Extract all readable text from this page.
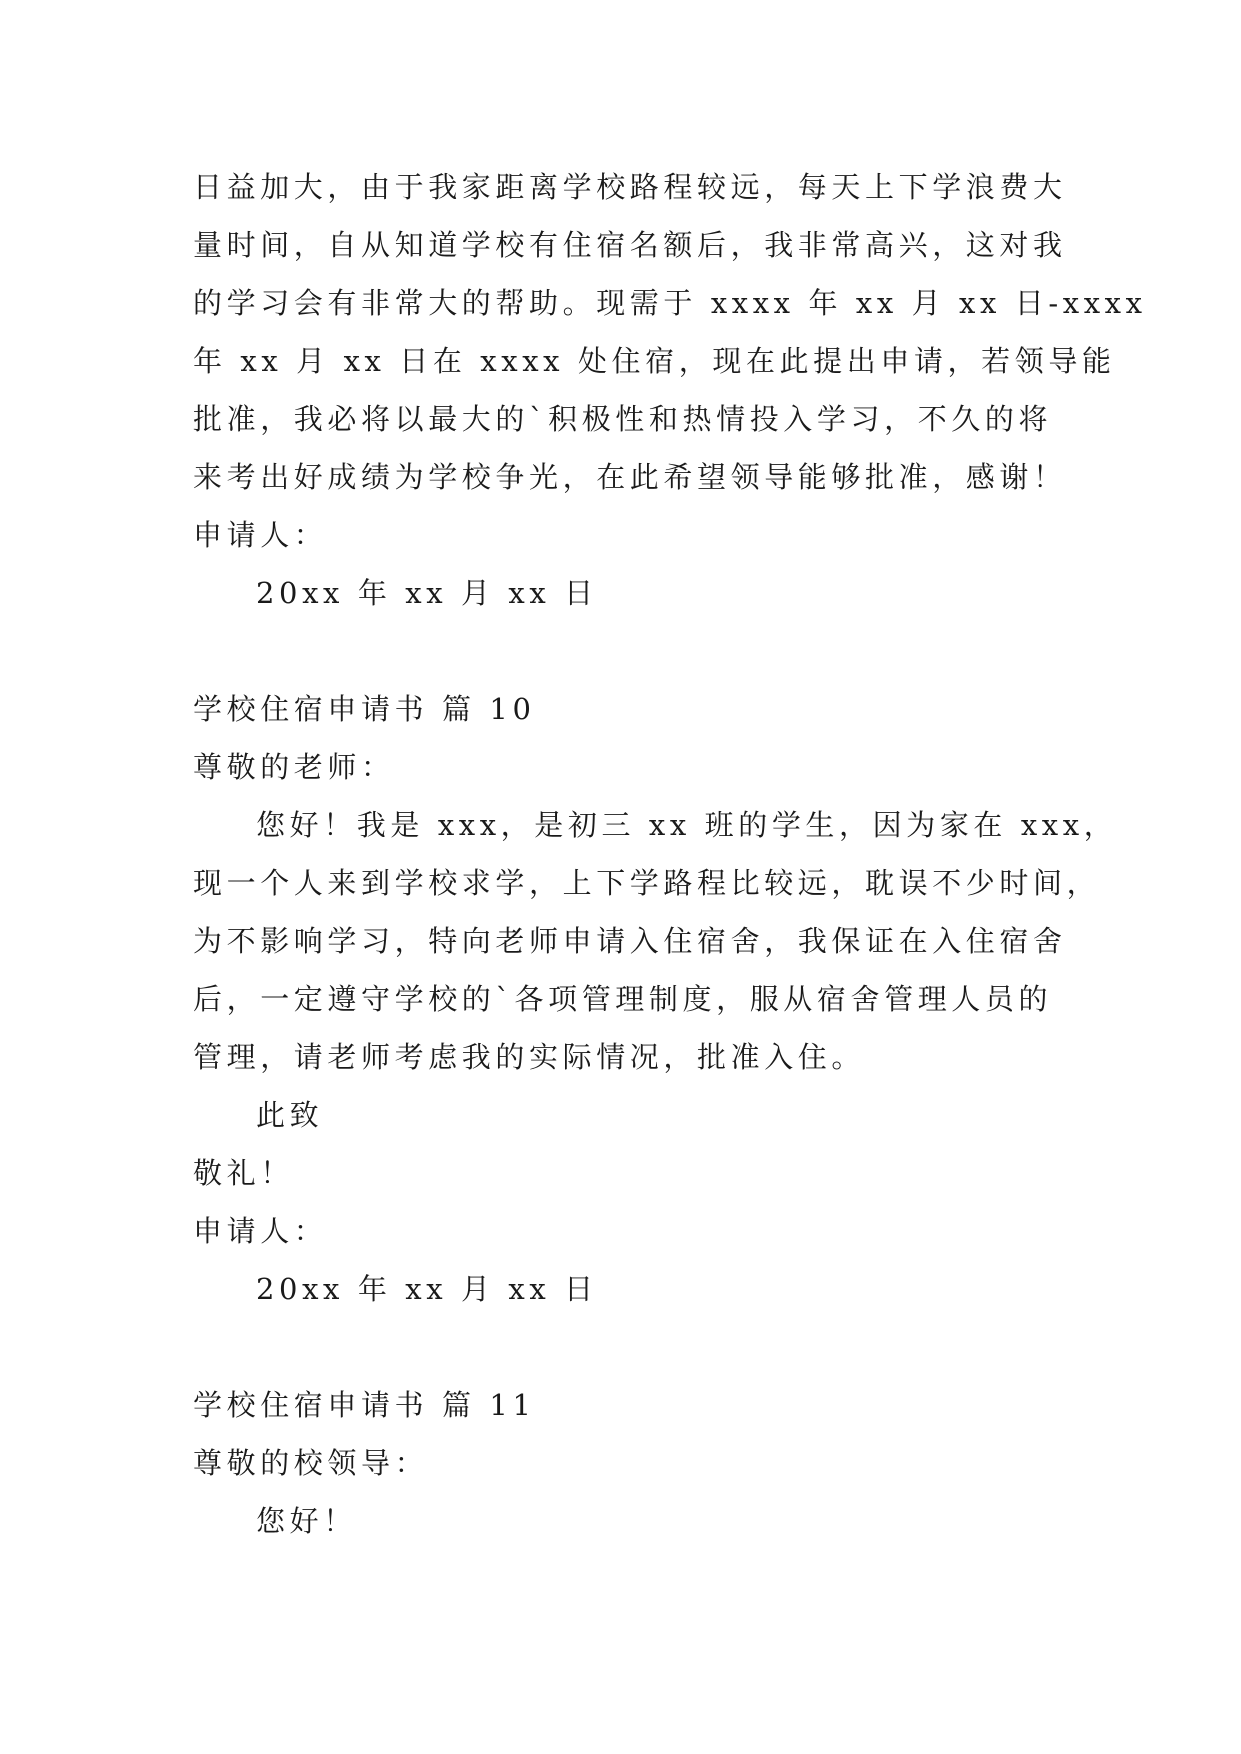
日益加大，由于我家距离学校路程较远，每天上下学浪费大
量时间，自从知道学校有住宿名额后，我非常高兴，这对我
的学习会有非常大的帮助。现需于 xxxx 年 xx 月 xx 日-xxxx
年 xx 月 xx 日在 xxxx 处住宿，现在此提出申请，若领导能
批准，我必将以最大的`积极性和热情投入学习，不久的将
来考出好成绩为学校争光，在此希望领导能够批准，感谢！
申请人：
20xx 年 xx 月 xx 日
学校住宿申请书 篇 10
尊敬的老师：
您好！我是 xxx，是初三 xx 班的学生，因为家在 xxx，
现一个人来到学校求学，上下学路程比较远，耽误不少时间，
为不影响学习，特向老师申请入住宿舍，我保证在入住宿舍
后，一定遵守学校的`各项管理制度，服从宿舍管理人员的
管理，请老师考虑我的实际情况，批准入住。
此致
敬礼！
申请人：
20xx 年 xx 月 xx 日
学校住宿申请书 篇 11
尊敬的校领导：
您好！
